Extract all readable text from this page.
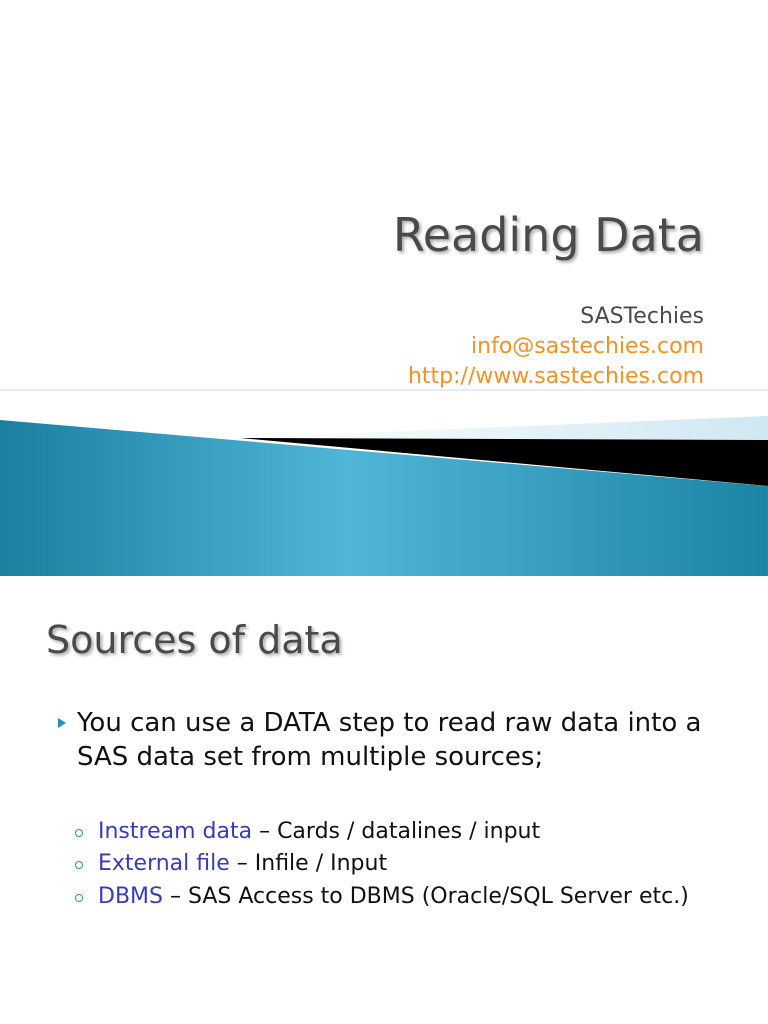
Reading Data
SASTechies
info@sastechies.com
http://www.sastechies.com
Sources of data
You can use a DATA step to read raw data into a SAS data set from multiple sources;
Instream data – Cards / datalines / input
External file – Infile / Input
DBMS – SAS Access to DBMS (Oracle/SQL Server etc.)
